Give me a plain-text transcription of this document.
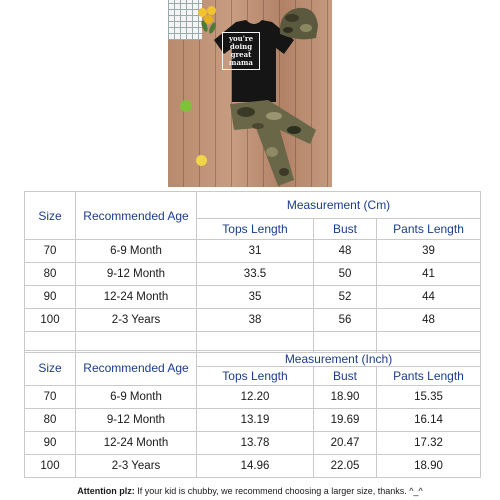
you're
doing
great
mama
Size	Recommended Age	Measurement (Cm)		
		Tops Length	Bust	Pants Length
70	6-9 Month	31	48	39
80	9-12 Month	33.5	50	41
90	12-24 Month	35	52	44
100	2-3 Years	38	56	48

Size	Recommended Age	Measurement (Inch)		
		Tops Length	Bust	Pants Length
70	6-9 Month	12.20	18.90	15.35
80	9-12 Month	13.19	19.69	16.14
90	12-24 Month	13.78	20.47	17.32
100	2-3 Years	14.96	22.05	18.90
Attention plz: If your kid is chubby, we recommend choosing a larger size, thanks. ^_^
